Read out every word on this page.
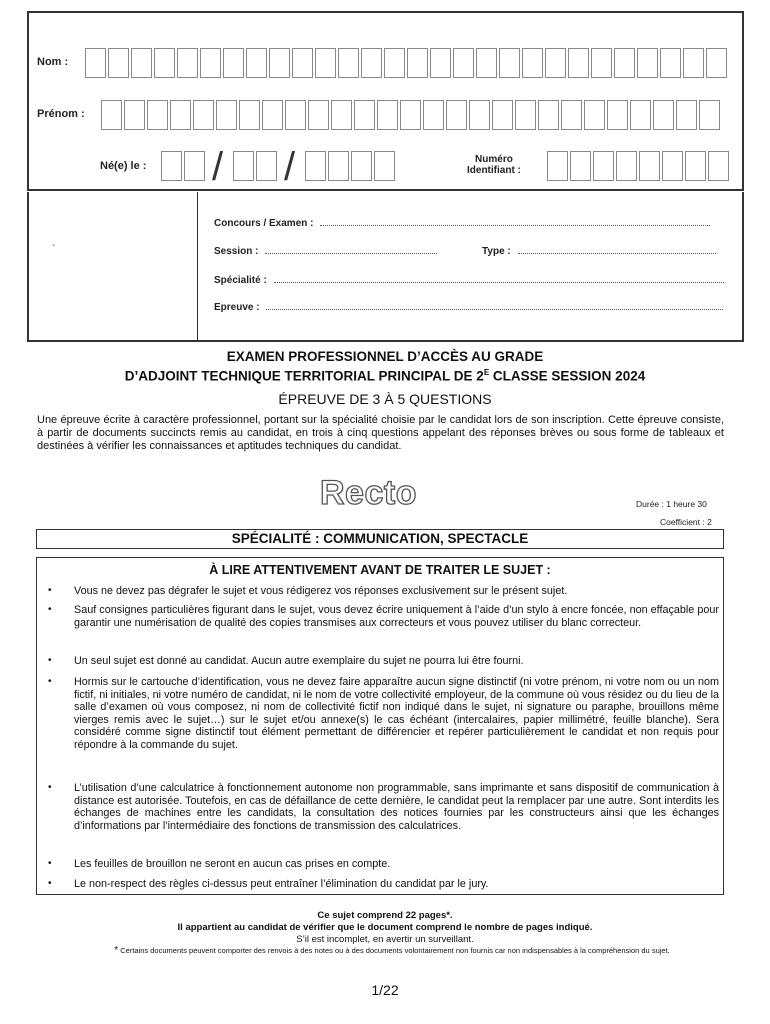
Nom :
Prénom :
Né(e) le : / /	Numéro
Identifiant :
-
Concours / Examen :
Session :	Type :
Spécialité :
Epreuve :
EXAMEN PROFESSIONNEL D’ACCÈS AU GRADE
D’ADJOINT TECHNIQUE TERRITORIAL PRINCIPAL DE $2^E$ CLASSE SESSION 2024
ÉPREUVE DE 3 À 5 QUESTIONS
Une épreuve écrite à caractère professionnel, portant sur la spécialité choisie par le candidat lors de son inscription. Cette épreuve consiste, à partir de documents succincts remis au candidat, en trois à cinq questions appelant des réponses brèves ou sous forme de tableaux et destinées à vérifier les connaissances et aptitudes techniques du candidat.
Recto	Durée : 1 heure 30
Coefficient : 2
SPÉCIALITÉ : COMMUNICATION, SPECTACLE
À LIRE ATTENTIVEMENT AVANT DE TRAITER LE SUJET :
• Vous ne devez pas dégrafer le sujet et vous rédigerez vos réponses exclusivement sur le présent sujet.
• Sauf consignes particulières figurant dans le sujet, vous devez écrire uniquement à l’aide d’un stylo à encre foncée, non effaçable pour garantir une numérisation de qualité des copies transmises aux correcteurs et vous pouvez utiliser du blanc correcteur.
• Un seul sujet est donné au candidat. Aucun autre exemplaire du sujet ne pourra lui être fourni.
• Hormis sur le cartouche d’identification, vous ne devez faire apparaître aucun signe distinctif (ni votre prénom, ni votre nom ou un nom fictif, ni initiales, ni votre numéro de candidat, ni le nom de votre collectivité employeur, de la commune où vous résidez ou du lieu de la salle d’examen où vous composez, ni nom de collectivité fictif non indiqué dans le sujet, ni signature ou paraphe, brouillons même vierges remis avec le sujet…) sur le sujet et/ou annexe(s) le cas échéant (intercalaires, papier millimétré, feuille blanche). Sera considéré comme signe distinctif tout élément permettant de différencier et repérer particulièrement le candidat et non requis pour répondre à la commande du sujet.
• L’utilisation d’une calculatrice à fonctionnement autonome non programmable, sans imprimante et sans dispositif de communication à distance est autorisée. Toutefois, en cas de défaillance de cette dernière, le candidat peut la remplacer par une autre. Sont interdits les échanges de machines entre les candidats, la consultation des notices fournies par les constructeurs ainsi que les échanges d’informations par l’intermédiaire des fonctions de transmission des calculatrices.
• Les feuilles de brouillon ne seront en aucun cas prises en compte.
• Le non-respect des règles ci-dessus peut entraîner l’élimination du candidat par le jury.
Ce sujet comprend 22 pages*.
Il appartient au candidat de vérifier que le document comprend le nombre de pages indiqué.
S’il est incomplet, en avertir un surveillant.
* Certains documents peuvent comporter des renvois à des notes ou à des documents volontairement non fournis car non indispensables à la compréhension du sujet.
1/22
